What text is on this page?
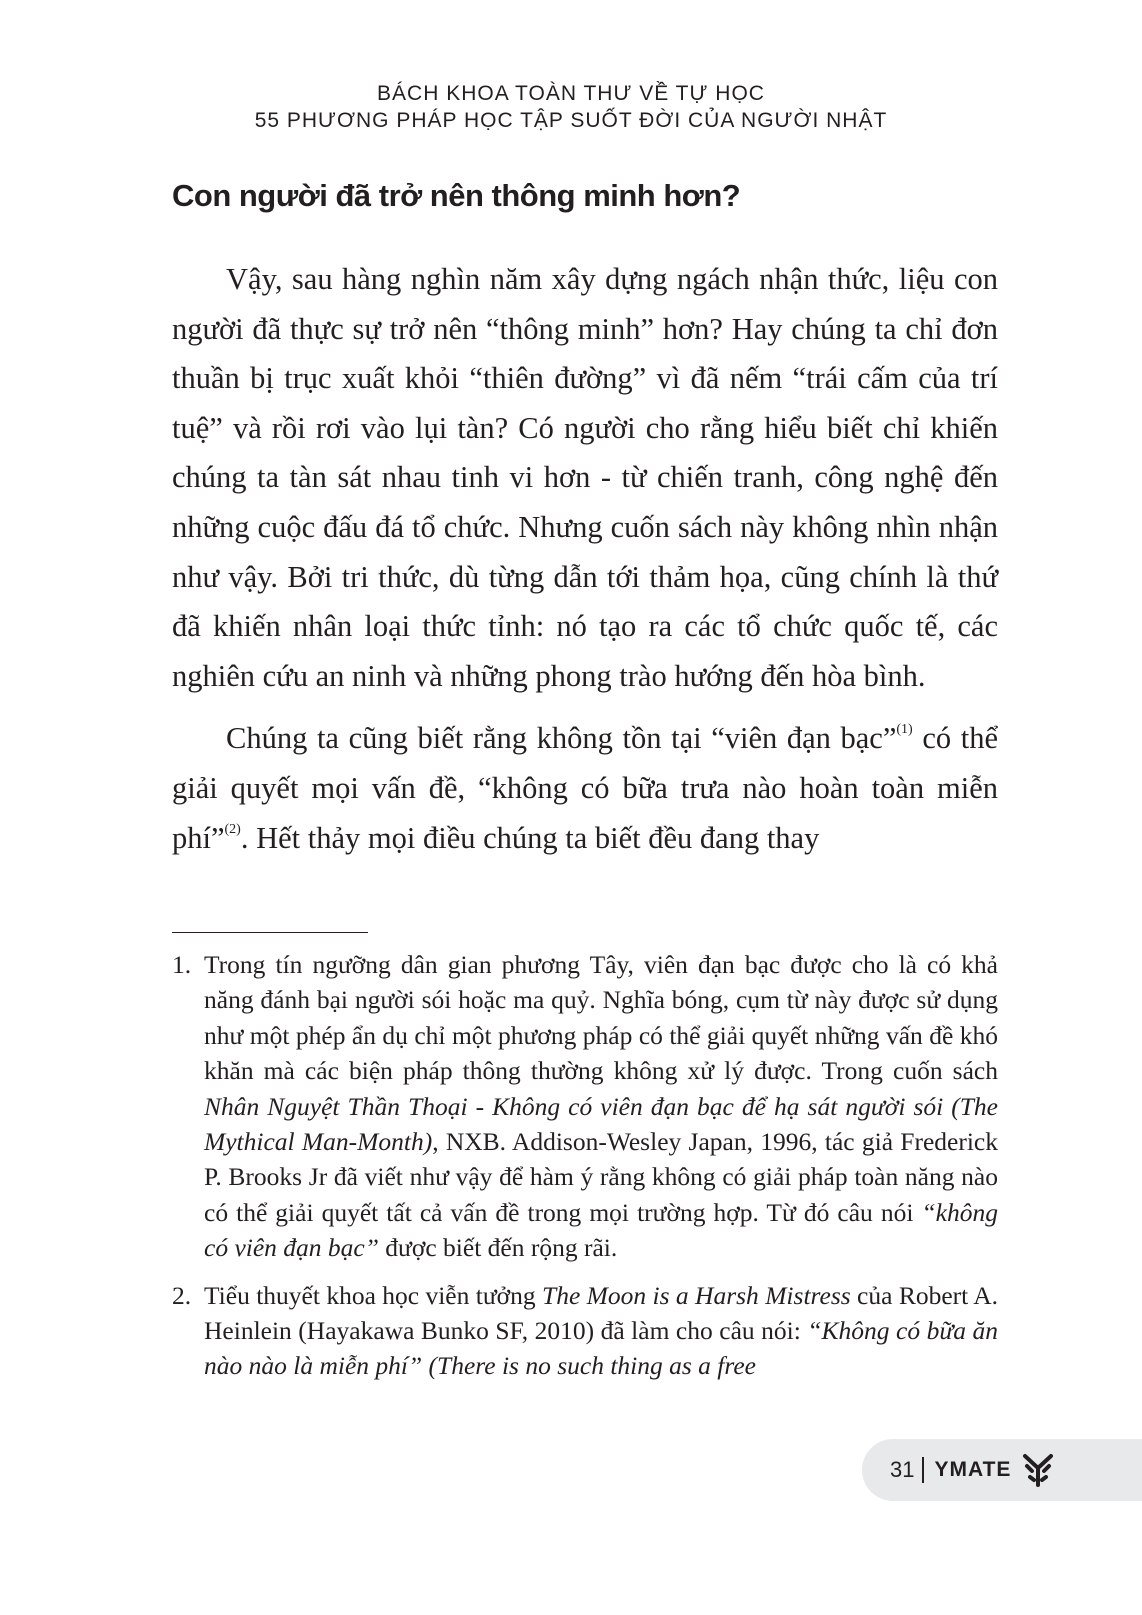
BÁCH KHOA TOÀN THƯ VỀ TỰ HỌC
55 PHƯƠNG PHÁP HỌC TẬP SUỐT ĐỜI CỦA NGƯỜI NHẬT
Con người đã trở nên thông minh hơn?

Vậy, sau hàng nghìn năm xây dựng ngách nhận thức, liệu con người đã thực sự trở nên “thông minh” hơn? Hay chúng ta chỉ đơn thuần bị trục xuất khỏi “thiên đường” vì đã nếm “trái cấm của trí tuệ” và rồi rơi vào lụi tàn? Có người cho rằng hiểu biết chỉ khiến chúng ta tàn sát nhau tinh vi hơn - từ chiến tranh, công nghệ đến những cuộc đấu đá tổ chức. Nhưng cuốn sách này không nhìn nhận như vậy. Bởi tri thức, dù từng dẫn tới thảm họa, cũng chính là thứ đã khiến nhân loại thức tỉnh: nó tạo ra các tổ chức quốc tế, các nghiên cứu an ninh và những phong trào hướng đến hòa bình.

Chúng ta cũng biết rằng không tồn tại “viên đạn bạc”$^{(1)}$ có thể giải quyết mọi vấn đề, “không có bữa trưa nào hoàn toàn miễn phí”$^{(2)}$. Hết thảy mọi điều chúng ta biết đều đang thay

1. Trong tín ngưỡng dân gian phương Tây, viên đạn bạc được cho là có khả năng đánh bại người sói hoặc ma quỷ. Nghĩa bóng, cụm từ này được sử dụng như một phép ẩn dụ chỉ một phương pháp có thể giải quyết những vấn đề khó khăn mà các biện pháp thông thường không xử lý được. Trong cuốn sách Nhân Nguyệt Thần Thoại - Không có viên đạn bạc để hạ sát người sói (The Mythical Man-Month), NXB. Addison-Wesley Japan, 1996, tác giả Frederick P. Brooks Jr đã viết như vậy để hàm ý rằng không có giải pháp toàn năng nào có thể giải quyết tất cả vấn đề trong mọi trường hợp. Từ đó câu nói “không có viên đạn bạc” được biết đến rộng rãi.
2. Tiểu thuyết khoa học viễn tưởng The Moon is a Harsh Mistress của Robert A. Heinlein (Hayakawa Bunko SF, 2010) đã làm cho câu nói: “Không có bữa ăn nào nào là miễn phí” (There is no such thing as a free
31 YMATE
